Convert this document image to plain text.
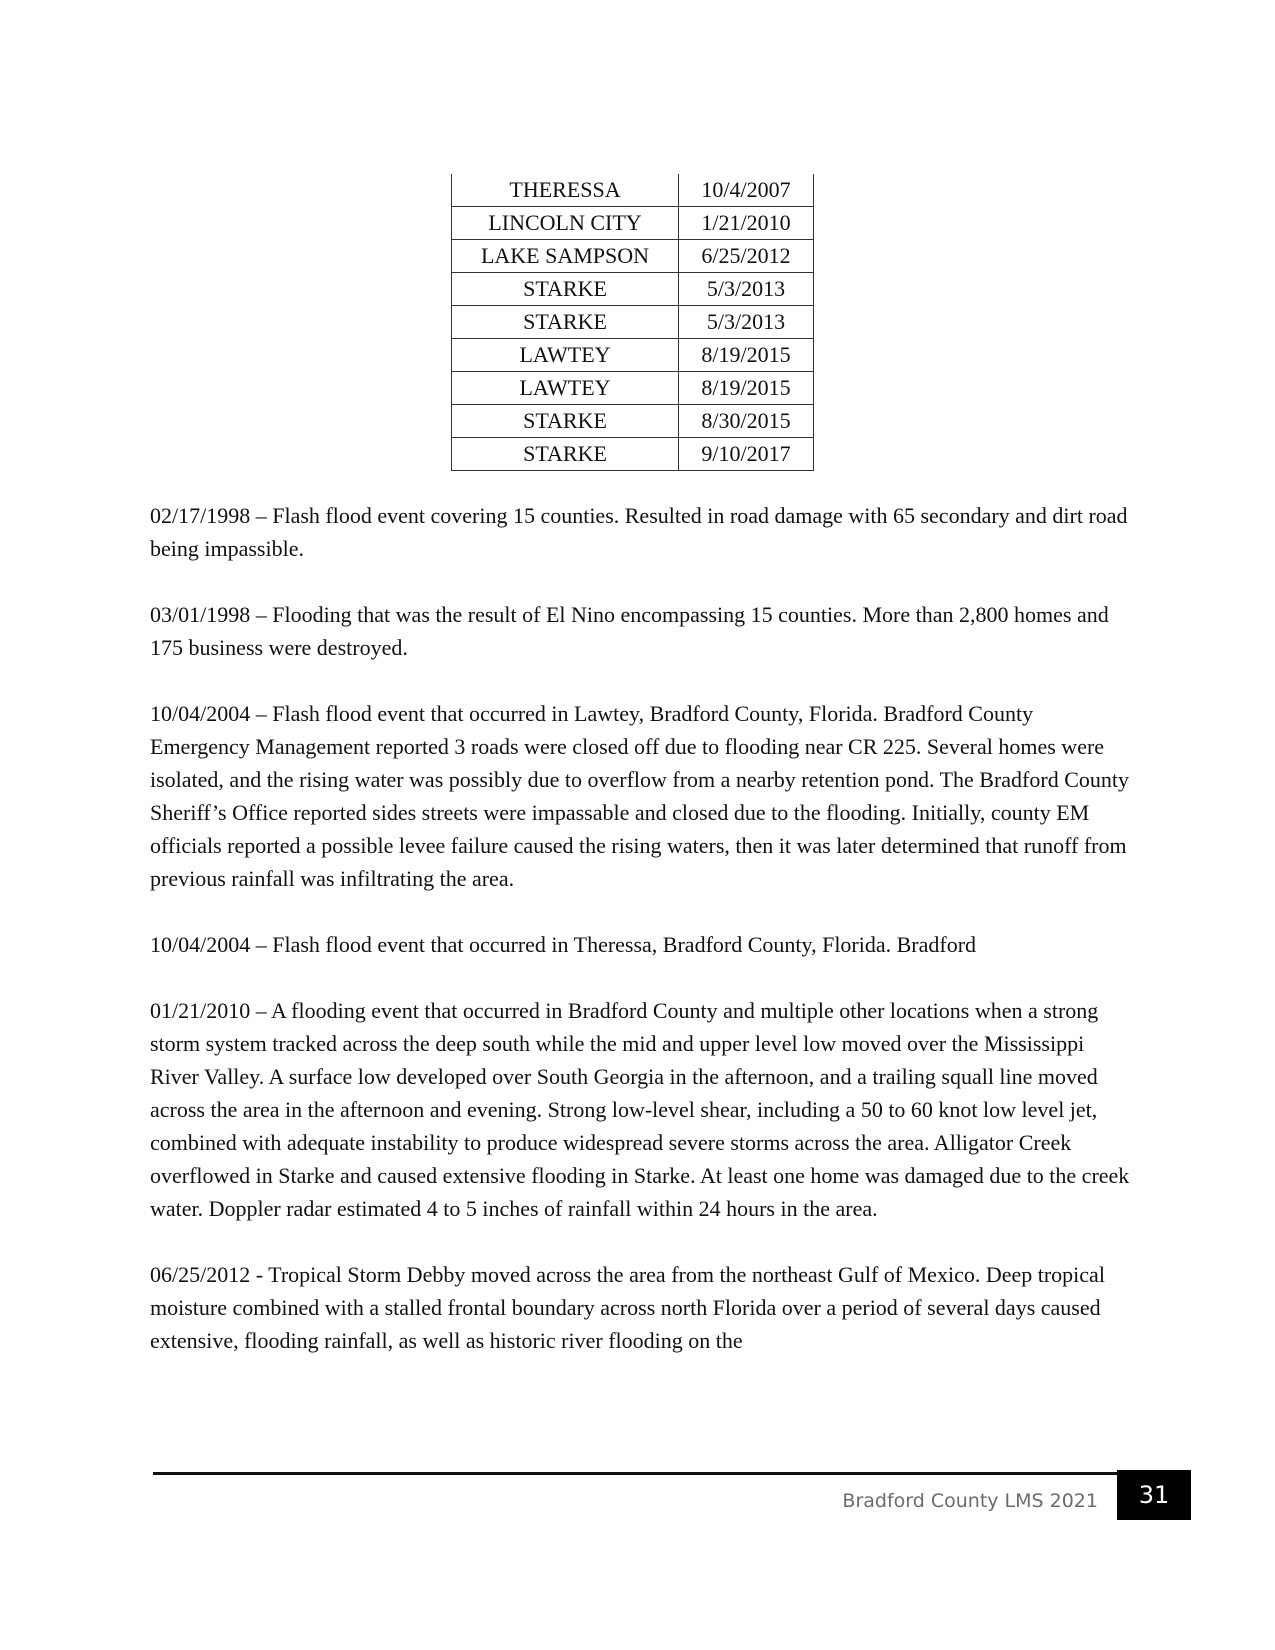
THERESSA	10/4/2007
LINCOLN CITY	1/21/2010
LAKE SAMPSON	6/25/2012
STARKE	5/3/2013
STARKE	5/3/2013
LAWTEY	8/19/2015
LAWTEY	8/19/2015
STARKE	8/30/2015
STARKE	9/10/2017

02/17/1998 – Flash flood event covering 15 counties. Resulted in road damage with 65 secondary and dirt road being impassible.

03/01/1998 – Flooding that was the result of El Nino encompassing 15 counties. More than 2,800 homes and 175 business were destroyed.

10/04/2004 – Flash flood event that occurred in Lawtey, Bradford County, Florida. Bradford County Emergency Management reported 3 roads were closed off due to flooding near CR 225. Several homes were isolated, and the rising water was possibly due to overflow from a nearby retention pond. The Bradford County Sheriff’s Office reported sides streets were impassable and closed due to the flooding. Initially, county EM officials reported a possible levee failure caused the rising waters, then it was later determined that runoff from previous rainfall was infiltrating the area.

10/04/2004 – Flash flood event that occurred in Theressa, Bradford County, Florida. Bradford

01/21/2010 – A flooding event that occurred in Bradford County and multiple other locations when a strong storm system tracked across the deep south while the mid and upper level low moved over the Mississippi River Valley. A surface low developed over South Georgia in the afternoon, and a trailing squall line moved across the area in the afternoon and evening. Strong low-level shear, including a 50 to 60 knot low level jet, combined with adequate instability to produce widespread severe storms across the area. Alligator Creek overflowed in Starke and caused extensive flooding in Starke. At least one home was damaged due to the creek water. Doppler radar estimated 4 to 5 inches of rainfall within 24 hours in the area.

06/25/2012 - Tropical Storm Debby moved across the area from the northeast Gulf of Mexico. Deep tropical moisture combined with a stalled frontal boundary across north Florida over a period of several days caused extensive, flooding rainfall, as well as historic river flooding on the

Bradford County LMS 2021	31
